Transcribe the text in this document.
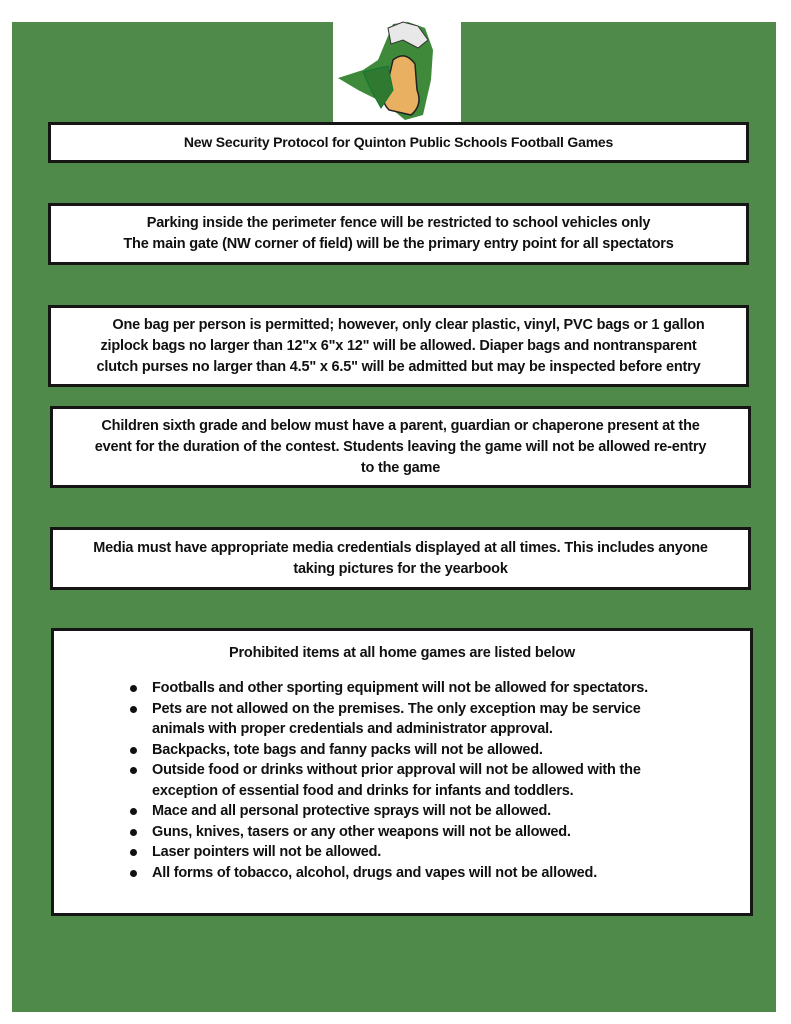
New Security Protocol for Quinton Public Schools Football Games
Parking inside the perimeter fence will be restricted to school vehicles only
The main gate (NW corner of field) will be the primary entry point for all spectators
One bag per person is permitted; however, only clear plastic, vinyl, PVC bags or 1 gallon
ziplock bags no larger than 12"x 6"x 12" will be allowed. Diaper bags and nontransparent
clutch purses no larger than 4.5" x 6.5" will be admitted but may be inspected before entry
Children sixth grade and below must have a parent, guardian or chaperone present at the
event for the duration of the contest. Students leaving the game will not be allowed re-entry
to the game
Media must have appropriate media credentials displayed at all times. This includes anyone
taking pictures for the yearbook
Prohibited items at all home games are listed below
Footballs and other sporting equipment will not be allowed for spectators.
Pets are not allowed on the premises. The only exception may be service
animals with proper credentials and administrator approval.
Backpacks, tote bags and fanny packs will not be allowed.
Outside food or drinks without prior approval will not be allowed with the
exception of essential food and drinks for infants and toddlers.
Mace and all personal protective sprays will not be allowed.
Guns, knives, tasers or any other weapons will not be allowed.
Laser pointers will not be allowed.
All forms of tobacco, alcohol, drugs and vapes will not be allowed.
